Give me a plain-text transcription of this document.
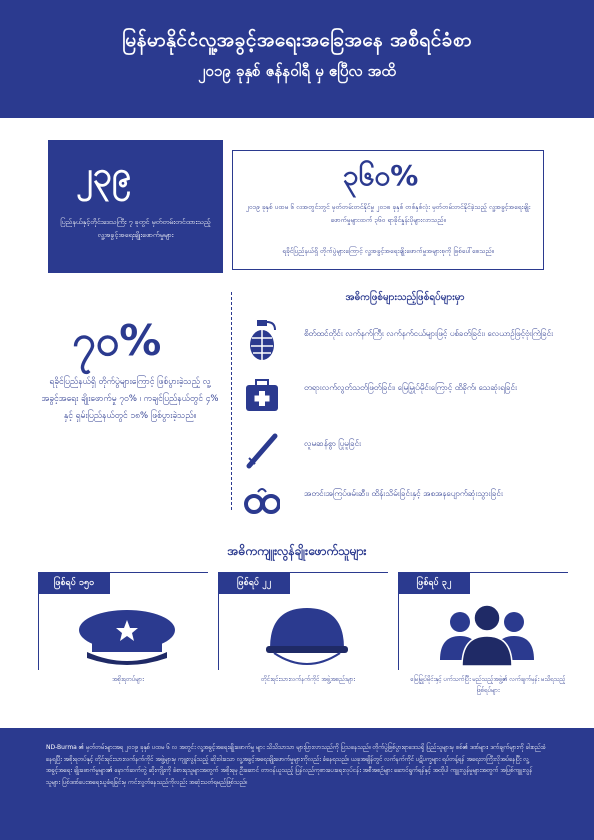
မြန်မာနိုင်ငံလူ့အခွင့်အရေးအခြေအနေ အစီရင်ခံစာ
၂၀၁၉ ခုနှစ် ဇန်နဝါရီ မှ ဧပြီလ အထိ
၂၃၉
ပြည်နယ်နှင့်တိုင်းဒေသကြီး ၇ ခုတွင် မှတ်တမ်းတင်ထားသည့် လူ့အခွင့်အရေးချိုးဖောက်မှုများ
၃၆၀%
၂၀၁၉ ခုနှစ် ပထမ ၆ လအတွင်းတွင် မှတ်တမ်းတင်နိုင်မှု ၂၀၁၈ ခုနှစ် တစ်နှစ်လုံး မှတ်တမ်းတင်နိုင်ခဲ့သည့် လူ့အခွင့်အရေးချိုးဖောက်မှုများထက် ၃၆၀ ရာခိုင်နှုန်းပိုများလာသည်။
ရခိုင်ပြည်နယ်ရှိ တိုက်ပွဲများကြောင့် လူ့အခွင့်အရေးချိုးဖောက်မှုအများစုကို ဖြစ်ပေါ်စေသည်။
၇၀%
ရခိုင်ပြည်နယ်ရှိ တိုက်ပွဲများကြောင့် ဖြစ်ပွားခဲ့သည့် လူ့အခွင့်အရေး ချိုးဖောက်မှု ၇၀% ၊ ကချင်ပြည်နယ်တွင် ၄% နှင့် ရှမ်းပြည်နယ်တွင် ၁၈% ဖြစ်ပွားခဲ့သည်။
အဓိကဖြစ်များသည့်ဖြစ်ရပ်များမှာ
စိတ်ထင်တိုင်း လက်နက်ကြီး လက်နက်ငယ်များဖြင့် ပစ်ခတ်ခြင်း၊ လေယာဉ်ဖြင့်ဗုံးကြဲခြင်း
တရားလက်လွတ်သတ်ဖြတ်ခြင်း၊ မြေမြှုပ်မိုင်းကြောင့် ထိခိုက်၊ သေဆုံးရခြင်း
လူမဆန်စွာ ပြုမူခြင်း
အတင်းအကြပ်ဖမ်းဆီး၊ ထိန်းသိမ်းခြင်းနှင့် အစအနပျောက်ဆုံးသွားခြင်း
အဓိကကျူးလွန်ချိုးဖောက်သူများ
ဖြစ်ရပ် ၁၅၀
အစိုးရတပ်များ
ဖြစ်ရပ် ၂၂
တိုင်းရင်းသားလက်နက်ကိုင် အဖွဲ့အစည်းများ
ဖြစ်ရပ် ၃၂
မြေမြှုပ်မိုင်းနှင့် ပက်သက်ပြီး မည်သည့်အဖွဲ့၏ လက်ချက်မှန်း မသိရသည့် ဖြစ်ရပ်များ
ND-Burma ၏ မှတ်တမ်းများအရ ၂၀၁၉ ခုနှစ် ပထမ ၆ လ အတွင်း လူ့အခွင့်အရေးချိုးဖောက်မှု များ သိသိသာသာ များပြားလာသည်ကို ပြသနေသည်။ တိုက်ပွဲဖြစ်ပွားရာဒေသရှိ ပြည်သူများမှ စစ်၏ ဒဏ်များ၊ ဒက်ချက်များကို ခါးစည်းခံနေရပြီး အစိုးရတပ်နှင့် တိုင်းရင်းသားလက်နက်ကိုင် အဖွဲ့များမှ ကျူးလွန်သည့် ဆိုးဝါးသော လူ့အခွင့်အရေးချိုးဖောက်မှုများကိုလည်း ခံနေရသည်။ ယခုအချိန်တွင် လက်နက်ကိုင် ပဋိပက္ခများ ရပ်တန့်ရန် အရေးတကြီးလိုအပ်နေပြီး လူ့အခွင့်အရေး ချိုးဖောက်မှုများ၏ နောက်ဆက်တွဲ ဆိုးကျိုးကို ခံစားရသူများအတွက် အစိုးရမှ ဦးဆောင် တာဝန်ယူသည့် ပြန်လည်ကုစားပေးရေးလုပ်ငန်း အစီအစဉ်များ ဆောင်ရွက်ရန်နှင့် အထိုပါ ကျူးလွန်မှုများအတွက် အပြစ်ကျူးလွန်သူများ ပြစ်ဒဏ်ပေးအရေးယူခံရခြင်းမှ ကင်းလွတ်နေသည်ကိုလည်း အဆုံးသတ်ရမည်ဖြစ်သည်။
